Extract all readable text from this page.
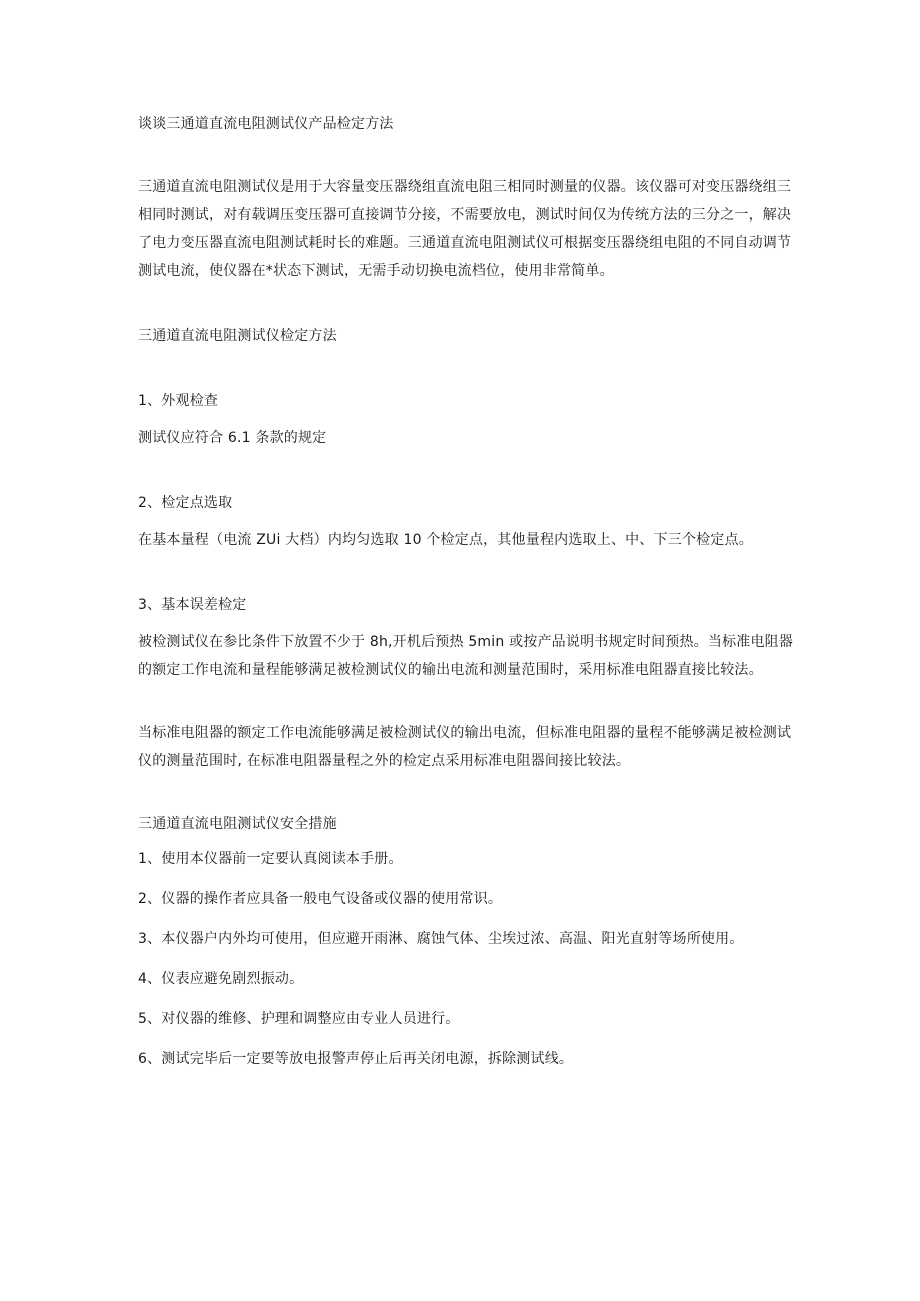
谈谈三通道直流电阻测试仪产品检定方法

三通道直流电阻测试仪是用于大容量变压器绕组直流电阻三相同时测量的仪器。该仪器可对变压器绕组三相同时测试，对有载调压变压器可直接调节分接，不需要放电，测试时间仅为传统方法的三分之一，解决了电力变压器直流电阻测试耗时长的难题。三通道直流电阻测试仪可根据变压器绕组电阻的不同自动调节测试电流，使仪器在*状态下测试，无需手动切换电流档位，使用非常简单。

三通道直流电阻测试仪检定方法

1、外观检查

测试仪应符合 6.1 条款的规定

2、检定点选取

在基本量程（电流 ZUi 大档）内均匀选取 10 个检定点，其他量程内选取上、中、下三个检定点。

3、基本误差检定

被检测试仪在参比条件下放置不少于 8h,开机后预热 5min 或按产品说明书规定时间预热。当标准电阻器的额定工作电流和量程能够满足被检测试仪的输出电流和测量范围时，采用标准电阻器直接比较法。

当标准电阻器的额定工作电流能够满足被检测试仪的输出电流，但标准电阻器的量程不能够满足被检测试仪的测量范围时, 在标准电阻器量程之外的检定点采用标准电阻器间接比较法。

三通道直流电阻测试仪安全措施

1、使用本仪器前一定要认真阅读本手册。

2、仪器的操作者应具备一般电气设备或仪器的使用常识。

3、本仪器户内外均可使用，但应避开雨淋、腐蚀气体、尘埃过浓、高温、阳光直射等场所使用。

4、仪表应避免剧烈振动。

5、对仪器的维修、护理和调整应由专业人员进行。

6、测试完毕后一定要等放电报警声停止后再关闭电源，拆除测试线。
